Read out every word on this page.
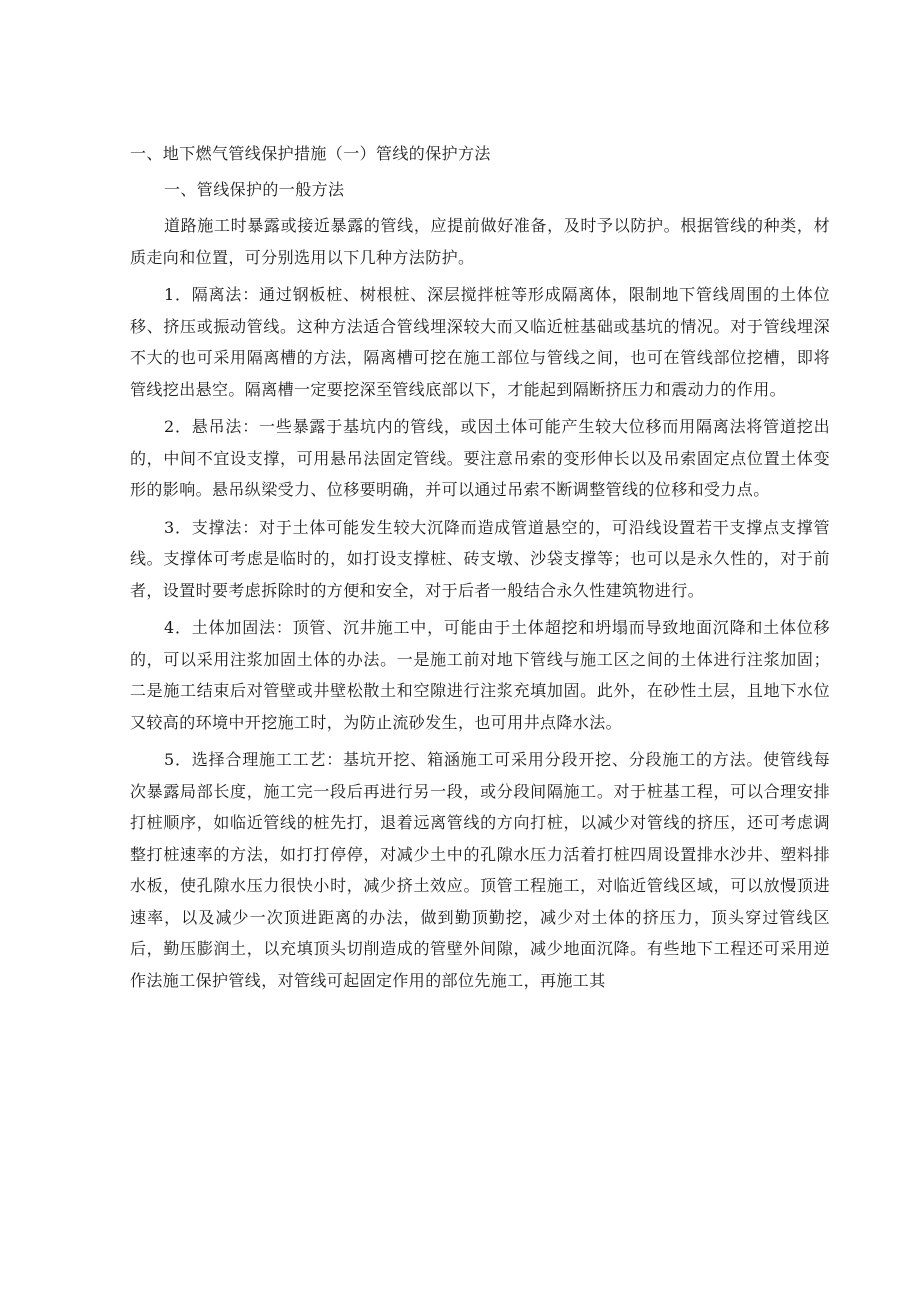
一、地下燃气管线保护措施（一）管线的保护方法

一、管线保护的一般方法

道路施工时暴露或接近暴露的管线，应提前做好准备，及时予以防护。根据管线的种类，材质走向和位置，可分别选用以下几种方法防护。

1．隔离法：通过钢板桩、树根桩、深层搅拌桩等形成隔离体，限制地下管线周围的土体位移、挤压或振动管线。这种方法适合管线埋深较大而又临近桩基础或基坑的情况。对于管线埋深不大的也可采用隔离槽的方法，隔离槽可挖在施工部位与管线之间，也可在管线部位挖槽，即将管线挖出悬空。隔离槽一定要挖深至管线底部以下，才能起到隔断挤压力和震动力的作用。

2．悬吊法：一些暴露于基坑内的管线，或因土体可能产生较大位移而用隔离法将管道挖出的，中间不宜设支撑，可用悬吊法固定管线。要注意吊索的变形伸长以及吊索固定点位置土体变形的影响。悬吊纵梁受力、位移要明确，并可以通过吊索不断调整管线的位移和受力点。

3．支撑法：对于土体可能发生较大沉降而造成管道悬空的，可沿线设置若干支撑点支撑管线。支撑体可考虑是临时的，如打设支撑桩、砖支墩、沙袋支撑等；也可以是永久性的，对于前者，设置时要考虑拆除时的方便和安全，对于后者一般结合永久性建筑物进行。

4．土体加固法：顶管、沉井施工中，可能由于土体超挖和坍塌而导致地面沉降和土体位移的，可以采用注浆加固土体的办法。一是施工前对地下管线与施工区之间的土体进行注浆加固；二是施工结束后对管壁或井壁松散土和空隙进行注浆充填加固。此外，在砂性土层，且地下水位又较高的环境中开挖施工时，为防止流砂发生，也可用井点降水法。

5．选择合理施工工艺：基坑开挖、箱涵施工可采用分段开挖、分段施工的方法。使管线每次暴露局部长度，施工完一段后再进行另一段，或分段间隔施工。对于桩基工程，可以合理安排打桩顺序，如临近管线的桩先打，退着远离管线的方向打桩，以减少对管线的挤压，还可考虑调整打桩速率的方法，如打打停停，对减少土中的孔隙水压力活着打桩四周设置排水沙井、塑料排水板，使孔隙水压力很快小时，减少挤土效应。顶管工程施工，对临近管线区域，可以放慢顶进速率，以及减少一次顶进距离的办法，做到勤顶勤挖，减少对土体的挤压力，顶头穿过管线区后，勤压膨润土，以充填顶头切削造成的管壁外间隙，减少地面沉降。有些地下工程还可采用逆作法施工保护管线，对管线可起固定作用的部位先施工，再施工其
